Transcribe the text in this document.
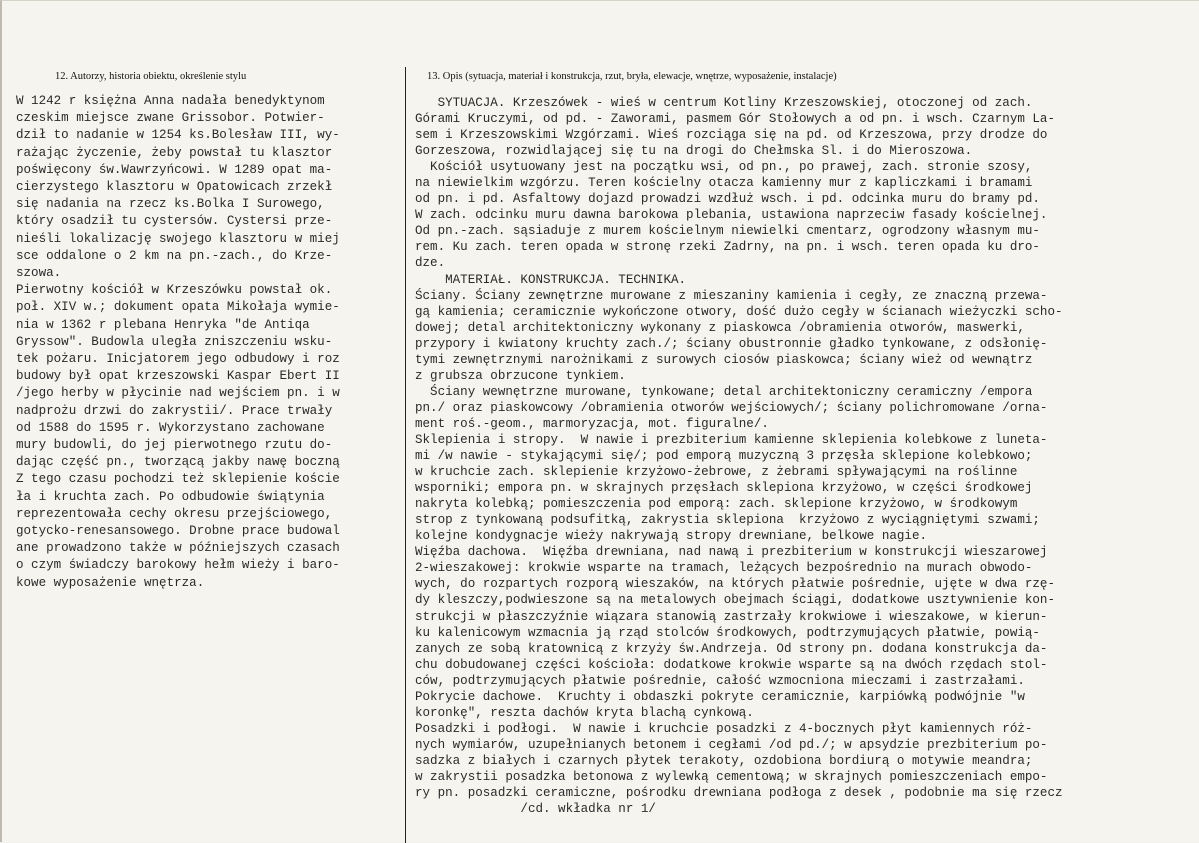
12. Autorzy, historia obiektu, określenie stylu	13. Opis (sytuacja, materiał i konstrukcja, rzut, bryła, elewacje, wnętrze, wyposażenie, instalacje)
W 1242 r księżna Anna nadała benedyktynom
czeskim miejsce zwane Grissobor. Potwier-
dził to nadanie w 1254 ks.Bolesław III, wy-
rażając życzenie, żeby powstał tu klasztor
poświęcony św.Wawrzyńcowi. W 1289 opat ma-
cierzystego klasztoru w Opatowicach zrzekł
się nadania na rzecz ks.Bolka I Surowego,
który osadził tu cystersów. Cystersi prze-
nieśli lokalizację swojego klasztoru w miej
sce oddalone o 2 km na pn.-zach., do Krze-
szowa.
Pierwotny kościół w Krzeszówku powstał ok.
poł. XIV w.; dokument opata Mikołaja wymie-
nia w 1362 r plebana Henryka "de Antiqa
Gryssow". Budowla uległa zniszczeniu wsku-
tek pożaru. Inicjatorem jego odbudowy i roz
budowy był opat krzeszowski Kaspar Ebert II
/jego herby w płycinie nad wejściem pn. i w
nadprożu drzwi do zakrystii/. Prace trwały
od 1588 do 1595 r. Wykorzystano zachowane
mury budowli, do jej pierwotnego rzutu do-
dając część pn., tworzącą jakby nawę boczną
Z tego czasu pochodzi też sklepienie koście
ła i kruchta zach. Po odbudowie świątynia
reprezentowała cechy okresu przejściowego,
gotycko-renesansowego. Drobne prace budowal
ane prowadzono także w późniejszych czasach
o czym świadczy barokowy hełm wieży i baro-
kowe wyposażenie wnętrza.
SYTUACJA. Krzeszówek - wieś w centrum Kotliny Krzeszowskiej, otoczonej od zach.
Górami Kruczymi, od pd. - Zaworami, pasmem Gór Stołowych a od pn. i wsch. Czarnym La-
sem i Krzeszowskimi Wzgórzami. Wieś rozciąga się na pd. od Krzeszowa, przy drodze do
Gorzeszowa, rozwidlającej się tu na drogi do Chełmska Sl. i do Mieroszowa.
Kościół usytuowany jest na początku wsi, od pn., po prawej, zach. stronie szosy,
na niewielkim wzgórzu. Teren kościelny otacza kamienny mur z kapliczkami i bramami
od pn. i pd. Asfaltowy dojazd prowadzi wzdłuż wsch. i pd. odcinka muru do bramy pd.
W zach. odcinku muru dawna barokowa plebania, ustawiona naprzeciw fasady kościelnej.
Od pn.-zach. sąsiaduje z murem kościelnym niewielki cmentarz, ogrodzony własnym mu-
rem. Ku zach. teren opada w stronę rzeki Zadrny, na pn. i wsch. teren opada ku dro-
dze.
MATERIAŁ. KONSTRUKCJA. TECHNIKA.
Ściany. Ściany zewnętrzne murowane z mieszaniny kamienia i cegły, ze znaczną przewa-
gą kamienia; ceramicznie wykończone otwory, dość dużo cegły w ścianach wieżyczki scho-
dowej; detal architektoniczny wykonany z piaskowca /obramienia otworów, maswerki,
przypory i kwiatony kruchty zach./; ściany obustronnie gładko tynkowane, z odsłonię-
tymi zewnętrznymi narożnikami z surowych ciosów piaskowca; ściany wież od wewnątrz
z grubsza obrzucone tynkiem.
Ściany wewnętrzne murowane, tynkowane; detal architektoniczny ceramiczny /empora
pn./ oraz piaskowcowy /obramienia otworów wejściowych/; ściany polichromowane /orna-
ment roś.-geom., marmoryzacja, mot. figuralne/.
Sklepienia i stropy.  W nawie i prezbiterium kamienne sklepienia kolebkowe z luneta-
mi /w nawie - stykającymi się/; pod emporą muzyczną 3 przęsła sklepione kolebkowo;
w kruchcie zach. sklepienie krzyżowo-żebrowe, z żebrami spływającymi na roślinne
wsporniki; empora pn. w skrajnych przęsłach sklepiona krzyżowo, w części środkowej
nakryta kolebką; pomieszczenia pod emporą: zach. sklepione krzyżowo, w środkowym
strop z tynkowaną podsufitką, zakrystia sklepiona  krzyżowo z wyciągniętymi szwami;
kolejne kondygnacje wieży nakrywają stropy drewniane, belkowe nagie.
Więźba dachowa.  Więźba drewniana, nad nawą i prezbiterium w konstrukcji wieszarowej
2-wieszakowej: krokwie wsparte na tramach, leżących bezpośrednio na murach obwodo-
wych, do rozpartych rozporą wieszaków, na których płatwie pośrednie, ujęte w dwa rzę-
dy kleszczy,podwieszone są na metalowych obejmach ściągi, dodatkowe usztywnienie kon-
strukcji w płaszczyźnie wiązara stanowią zastrzały krokwiowe i wieszakowe, w kierun-
ku kalenicowym wzmacnia ją rząd stolców środkowych, podtrzymujących płatwie, powią-
zanych ze sobą kratownicą z krzyży św.Andrzeja. Od strony pn. dodana konstrukcja da-
chu dobudowanej części kościoła: dodatkowe krokwie wsparte są na dwóch rzędach stol-
ców, podtrzymujących płatwie pośrednie, całość wzmocniona mieczami i zastrzałami.
Pokrycie dachowe.  Kruchty i obdaszki pokryte ceramicznie, karpiówką podwójnie "w
koronkę", reszta dachów kryta blachą cynkową.
Posadzki i podłogi.  W nawie i kruchcie posadzki z 4-bocznych płyt kamiennych róż-
nych wymiarów, uzupełnianych betonem i cegłami /od pd./; w apsydzie prezbiterium po-
sadzka z białych i czarnych płytek terakoty, ozdobiona bordiurą o motywie meandra;
w zakrystii posadzka betonowa z wylewką cementową; w skrajnych pomieszczeniach empo-
ry pn. posadzki ceramiczne, pośrodku drewniana podłoga z desek , podobnie ma się rzecz
/cd. wkładka nr 1/
